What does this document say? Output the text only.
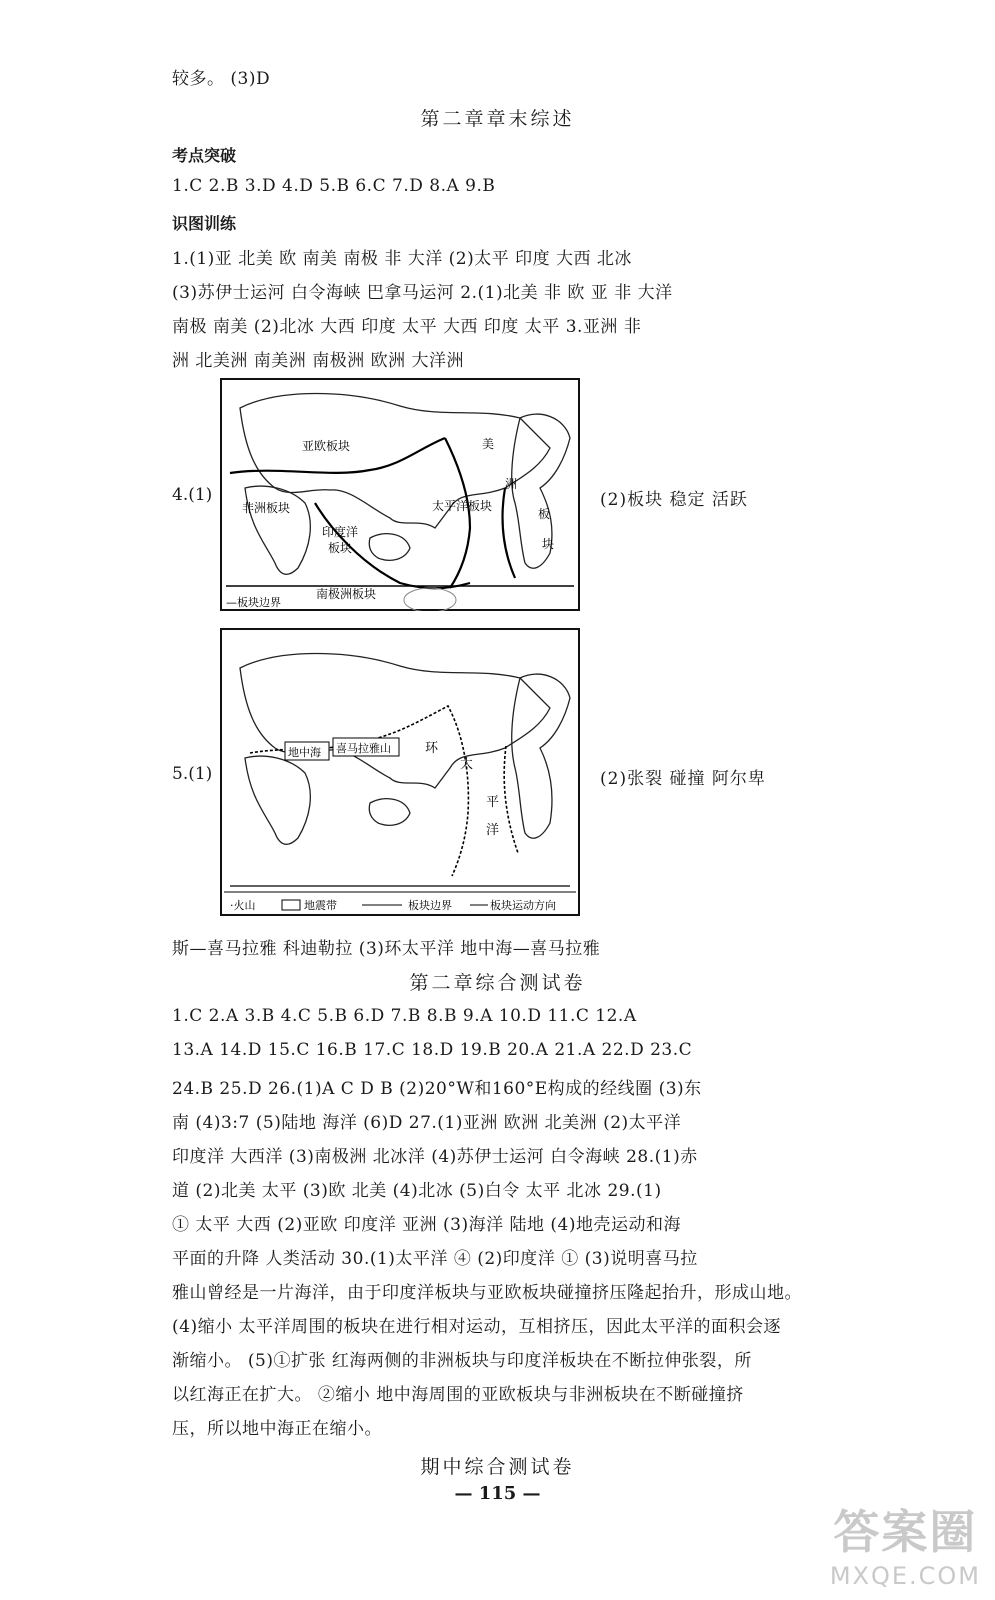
较多。 (3)D
第二章章末综述
考点突破
1.C 2.B 3.D 4.D 5.B 6.C 7.D 8.A 9.B
识图训练
1.(1)亚 北美 欧 南美 南极 非 大洋 (2)太平 印度 大西 北冰
(3)苏伊士运河 白令海峡 巴拿马运河 2.(1)北美 非 欧 亚 非 大洋
南极 南美 (2)北冰 大西 印度 太平 大西 印度 太平 3.亚洲 非
洲 北美洲 南美洲 南极洲 欧洲 大洋洲
4.(1)
亚欧板块	美
洲
太平洋板块
非洲板块
印度洋
板块
板
块
南极洲板块
—板块边界
(2)板块 稳定 活跃
5.(1)
地中海 喜马拉雅山	环
太
平
洋
·火山	地震带	板块边界	板块运动方向
(2)张裂 碰撞 阿尔卑
斯—喜马拉雅 科迪勒拉 (3)环太平洋 地中海—喜马拉雅
第二章综合测试卷
1.C 2.A 3.B 4.C 5.B 6.D 7.B 8.B 9.A 10.D 11.C 12.A
13.A 14.D 15.C 16.B 17.C 18.D 19.B 20.A 21.A 22.D 23.C
24.B 25.D 26.(1)A C D B (2)20°W和160°E构成的经线圈 (3)东
南 (4)3:7 (5)陆地 海洋 (6)D 27.(1)亚洲 欧洲 北美洲 (2)太平洋
印度洋 大西洋 (3)南极洲 北冰洋 (4)苏伊士运河 白令海峡 28.(1)赤
道 (2)北美 太平 (3)欧 北美 (4)北冰 (5)白令 太平 北冰 29.(1)
① 太平 大西 (2)亚欧 印度洋 亚洲 (3)海洋 陆地 (4)地壳运动和海
平面的升降 人类活动 30.(1)太平洋 ④ (2)印度洋 ① (3)说明喜马拉
雅山曾经是一片海洋，由于印度洋板块与亚欧板块碰撞挤压隆起抬升，形成山地。
(4)缩小 太平洋周围的板块在进行相对运动，互相挤压，因此太平洋的面积会逐
渐缩小。 (5)①扩张 红海两侧的非洲板块与印度洋板块在不断拉伸张裂，所
以红海正在扩大。 ②缩小 地中海周围的亚欧板块与非洲板块在不断碰撞挤
压，所以地中海正在缩小。
期中综合测试卷
— 115 —
答案圈
MXQE.COM
